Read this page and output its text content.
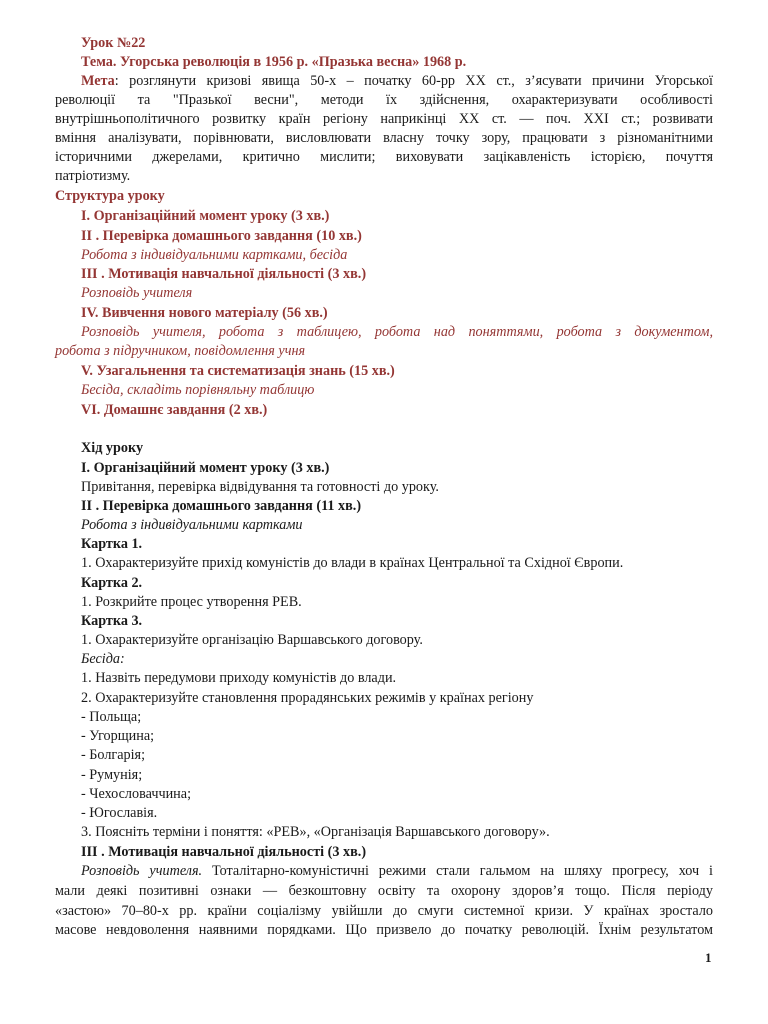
Урок №22
Тема. Угорська революція в 1956 р. «Празька весна» 1968 р.
Мета: розглянути кризові явища 50-х – початку 60-рр ХХ ст., з’ясувати причини Угорської
революції та "Празької весни", методи їх здійснення, охарактеризувати особливості
внутрішньополітичного розвитку країн регіону наприкінці ХХ ст. — поч. ХХІ ст.; розвивати
вміння аналізувати, порівнювати, висловлювати власну точку зору, працювати з різноманітними
історичними джерелами, критично мислити; виховувати зацікавленість історією, почуття
патріотизму.
Структура уроку
І. Організаційний момент уроку (3 хв.)
ІІ . Перевірка домашнього завдання (10 хв.)
Робота з індивідуальними картками, бесіда
ІІІ . Мотивація навчальної діяльності (3 хв.)
Розповідь учителя
IV. Вивчення нового матеріалу (56 хв.)
Розповідь учителя, робота з таблицею, робота над поняттями, робота з документом,
робота з підручником, повідомлення учня
V. Узагальнення та систематизація знань (15 хв.)
Бесіда, складіть порівняльну таблицю
VI. Домашнє завдання (2 хв.)
Хід уроку
І. Організаційний момент уроку (3 хв.)
Привітання, перевірка відвідування та готовності до уроку.
ІІ . Перевірка домашнього завдання (11 хв.)
Робота з індивідуальними картками
Картка 1.
1. Охарактеризуйте прихід комуністів до влади в країнах Центральної та Східної Європи.
Картка 2.
1. Розкрийте процес утворення РЕВ.
Картка 3.
1. Охарактеризуйте організацію Варшавського договору.
Бесіда:
1. Назвіть передумови приходу комуністів до влади.
2. Охарактеризуйте становлення прорадянських режимів у країнах регіону
- Польща;
- Угорщина;
- Болгарія;
- Румунія;
- Чехословаччина;
- Югославія.
3. Поясніть терміни і поняття: «РЕВ», «Організація Варшавського договору».
ІІІ . Мотивація навчальної діяльності (3 хв.)
Розповідь учителя. Тоталітарно-комуністичні режими стали гальмом на шляху прогресу, хоч і
мали деякі позитивні ознаки — безкоштовну освіту та охорону здоров’я тощо. Після періоду
«застою» 70–80-х рр. країни соціалізму увійшли до смуги системної кризи. У країнах зростало
масове невдоволення наявними порядками. Що призвело до початку революцій. Їхнім результатом
1
